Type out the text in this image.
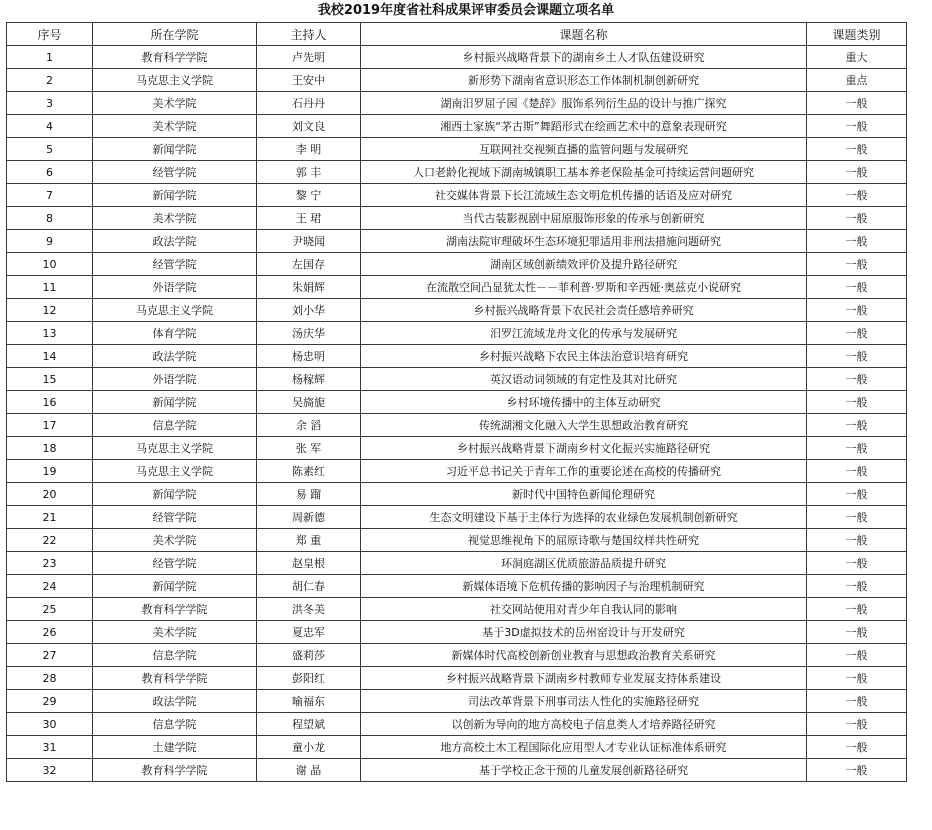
我校2019年度省社科成果评审委员会课题立项名单
序号	所在学院	主持人	课题名称	课题类别
1	教育科学学院	卢先明	乡村振兴战略背景下的湖南乡土人才队伍建设研究	重大
2	马克思主义学院	王安中	新形势下湖南省意识形态工作体制机制创新研究	重点
3	美术学院	石丹丹	湖南汨罗屈子园《楚辞》服饰系列衍生品的设计与推广探究	一般
4	美术学院	刘文良	湘西土家族“茅古斯”舞蹈形式在绘画艺术中的意象表现研究	一般
5	新闻学院	李 明	互联网社交视频直播的监管问题与发展研究	一般
6	经管学院	郭 丰	人口老龄化视域下湖南城镇职工基本养老保险基金可持续运营问题研究	一般
7	新闻学院	黎 宁	社交媒体背景下长江流域生态文明危机传播的话语及应对研究	一般
8	美术学院	王 珺	当代古装影视剧中屈原服饰形象的传承与创新研究	一般
9	政法学院	尹晓闻	湖南法院审理破坏生态环境犯罪适用非刑法措施问题研究	一般
10	经管学院	左国存	湖南区域创新绩效评价及提升路径研究	一般
11	外语学院	朱娟辉	在流散空间凸显犹太性－－菲利普·罗斯和辛西娅·奥兹克小说研究	一般
12	马克思主义学院	刘小华	乡村振兴战略背景下农民社会责任感培养研究	一般
13	体育学院	汤庆华	汨罗江流域龙舟文化的传承与发展研究	一般
14	政法学院	杨忠明	乡村振兴战略下农民主体法治意识培育研究	一般
15	外语学院	杨稼辉	英汉语动词领域的有定性及其对比研究	一般
16	新闻学院	吴旖旎	乡村环境传播中的主体互动研究	一般
17	信息学院	余 滔	传统湖湘文化融入大学生思想政治教育研究	一般
18	马克思主义学院	张 军	乡村振兴战略背景下湖南乡村文化振兴实施路径研究	一般
19	马克思主义学院	陈素红	习近平总书记关于青年工作的重要论述在高校的传播研究	一般
20	新闻学院	易 蹓	新时代中国特色新闻伦理研究	一般
21	经管学院	周新德	生态文明建设下基于主体行为选择的农业绿色发展机制创新研究	一般
22	美术学院	郑 重	视觉思维视角下的屈原诗歌与楚国纹样共性研究	一般
23	经管学院	赵皇根	环洞庭湖区优质旅游品质提升研究	一般
24	新闻学院	胡仁春	新媒体语境下危机传播的影响因子与治理机制研究	一般
25	教育科学学院	洪冬美	社交网站使用对青少年自我认同的影响	一般
26	美术学院	夏忠军	基于3D虚拟技术的岳州窑设计与开发研究	一般
27	信息学院	盛莉莎	新媒体时代高校创新创业教育与思想政治教育关系研究	一般
28	教育科学学院	彭阳红	乡村振兴战略背景下湖南乡村教师专业发展支持体系建设	一般
29	政法学院	喻福东	司法改革背景下刑事司法人性化的实施路径研究	一般
30	信息学院	程望斌	以创新为导向的地方高校电子信息类人才培养路径研究	一般
31	土建学院	童小龙	地方高校土木工程国际化应用型人才专业认证标准体系研究	一般
32	教育科学学院	谢 晶	基于学校正念干预的儿童发展创新路径研究	一般
